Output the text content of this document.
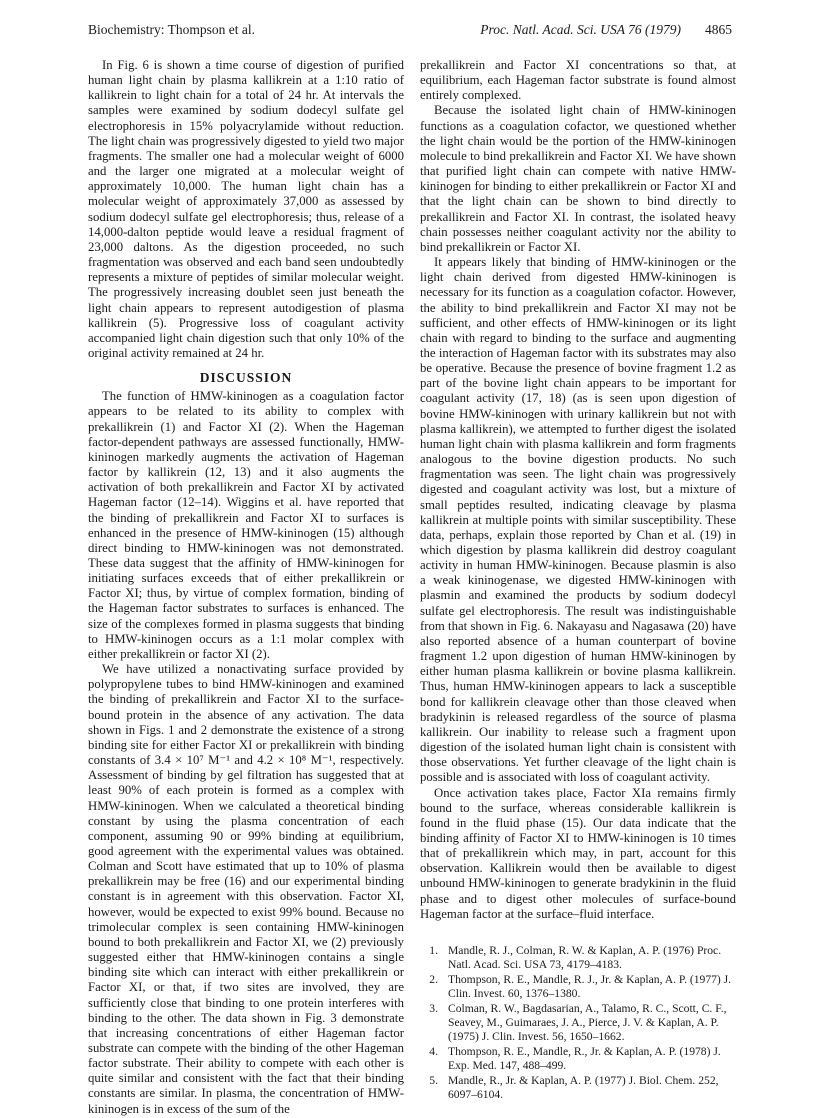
Biochemistry: Thompson et al.	Proc. Natl. Acad. Sci. USA 76 (1979) 4865

In Fig. 6 is shown a time course of digestion of purified human light chain by plasma kallikrein at a 1:10 ratio of kallikrein to light chain for a total of 24 hr. At intervals the samples were examined by sodium dodecyl sulfate gel electrophoresis in 15% polyacrylamide without reduction. The light chain was progressively digested to yield two major fragments. The smaller one had a molecular weight of 6000 and the larger one migrated at a molecular weight of approximately 10,000. The human light chain has a molecular weight of approximately 37,000 as assessed by sodium dodecyl sulfate gel electrophoresis; thus, release of a 14,000-dalton peptide would leave a residual fragment of 23,000 daltons. As the digestion proceeded, no such fragmentation was observed and each band seen undoubtedly represents a mixture of peptides of similar molecular weight. The progressively increasing doublet seen just beneath the light chain appears to represent autodigestion of plasma kallikrein (5). Progressive loss of coagulant activity accompanied light chain digestion such that only 10% of the original activity remained at 24 hr.

DISCUSSION

The function of HMW-kininogen as a coagulation factor appears to be related to its ability to complex with prekallikrein (1) and Factor XI (2). When the Hageman factor-dependent pathways are assessed functionally, HMW-kininogen markedly augments the activation of Hageman factor by kallikrein (12, 13) and it also augments the activation of both prekallikrein and Factor XI by activated Hageman factor (12–14). Wiggins et al. have reported that the binding of prekallikrein and Factor XI to surfaces is enhanced in the presence of HMW-kininogen (15) although direct binding to HMW-kininogen was not demonstrated. These data suggest that the affinity of HMW-kininogen for initiating surfaces exceeds that of either prekallikrein or Factor XI; thus, by virtue of complex formation, binding of the Hageman factor substrates to surfaces is enhanced. The size of the complexes formed in plasma suggests that binding to HMW-kininogen occurs as a 1:1 molar complex with either prekallikrein or factor XI (2).

We have utilized a nonactivating surface provided by polypropylene tubes to bind HMW-kininogen and examined the binding of prekallikrein and Factor XI to the surface-bound protein in the absence of any activation. The data shown in Figs. 1 and 2 demonstrate the existence of a strong binding site for either Factor XI or prekallikrein with binding constants of 3.4 × 10⁷ M⁻¹ and 4.2 × 10⁸ M⁻¹, respectively. Assessment of binding by gel filtration has suggested that at least 90% of each protein is formed as a complex with HMW-kininogen. When we calculated a theoretical binding constant by using the plasma concentration of each component, assuming 90 or 99% binding at equilibrium, good agreement with the experimental values was obtained. Colman and Scott have estimated that up to 10% of plasma prekallikrein may be free (16) and our experimental binding constant is in agreement with this observation. Factor XI, however, would be expected to exist 99% bound. Because no trimolecular complex is seen containing HMW-kininogen bound to both prekallikrein and Factor XI, we (2) previously suggested either that HMW-kininogen contains a single binding site which can interact with either prekallikrein or Factor XI, or that, if two sites are involved, they are sufficiently close that binding to one protein interferes with binding to the other. The data shown in Fig. 3 demonstrate that increasing concentrations of either Hageman factor substrate can compete with the binding of the other Hageman factor substrate. Their ability to compete with each other is quite similar and consistent with the fact that their binding constants are similar. In plasma, the concentration of HMW-kininogen is in excess of the sum of the

prekallikrein and Factor XI concentrations so that, at equilibrium, each Hageman factor substrate is found almost entirely complexed.

Because the isolated light chain of HMW-kininogen functions as a coagulation cofactor, we questioned whether the light chain would be the portion of the HMW-kininogen molecule to bind prekallikrein and Factor XI. We have shown that purified light chain can compete with native HMW-kininogen for binding to either prekallikrein or Factor XI and that the light chain can be shown to bind directly to prekallikrein and Factor XI. In contrast, the isolated heavy chain possesses neither coagulant activity nor the ability to bind prekallikrein or Factor XI.

It appears likely that binding of HMW-kininogen or the light chain derived from digested HMW-kininogen is necessary for its function as a coagulation cofactor. However, the ability to bind prekallikrein and Factor XI may not be sufficient, and other effects of HMW-kininogen or its light chain with regard to binding to the surface and augmenting the interaction of Hageman factor with its substrates may also be operative. Because the presence of bovine fragment 1.2 as part of the bovine light chain appears to be important for coagulant activity (17, 18) (as is seen upon digestion of bovine HMW-kininogen with urinary kallikrein but not with plasma kallikrein), we attempted to further digest the isolated human light chain with plasma kallikrein and form fragments analogous to the bovine digestion products. No such fragmentation was seen. The light chain was progressively digested and coagulant activity was lost, but a mixture of small peptides resulted, indicating cleavage by plasma kallikrein at multiple points with similar susceptibility. These data, perhaps, explain those reported by Chan et al. (19) in which digestion by plasma kallikrein did destroy coagulant activity in human HMW-kininogen. Because plasmin is also a weak kininogenase, we digested HMW-kininogen with plasmin and examined the products by sodium dodecyl sulfate gel electrophoresis. The result was indistinguishable from that shown in Fig. 6. Nakayasu and Nagasawa (20) have also reported absence of a human counterpart of bovine fragment 1.2 upon digestion of human HMW-kininogen by either human plasma kallikrein or bovine plasma kallikrein. Thus, human HMW-kininogen appears to lack a susceptible bond for kallikrein cleavage other than those cleaved when bradykinin is released regardless of the source of plasma kallikrein. Our inability to release such a fragment upon digestion of the isolated human light chain is consistent with those observations. Yet further cleavage of the light chain is possible and is associated with loss of coagulant activity.

Once activation takes place, Factor XIa remains firmly bound to the surface, whereas considerable kallikrein is found in the fluid phase (15). Our data indicate that the binding affinity of Factor XI to HMW-kininogen is 10 times that of prekallikrein which may, in part, account for this observation. Kallikrein would then be available to digest unbound HMW-kininogen to generate bradykinin in the fluid phase and to digest other molecules of surface-bound Hageman factor at the surface–fluid interface.

1. Mandle, R. J., Colman, R. W. & Kaplan, A. P. (1976) Proc. Natl. Acad. Sci. USA 73, 4179–4183.
2. Thompson, R. E., Mandle, R. J., Jr. & Kaplan, A. P. (1977) J. Clin. Invest. 60, 1376–1380.
3. Colman, R. W., Bagdasarian, A., Talamo, R. C., Scott, C. F., Seavey, M., Guimaraes, J. A., Pierce, J. V. & Kaplan, A. P. (1975) J. Clin. Invest. 56, 1650–1662.
4. Thompson, R. E., Mandle, R., Jr. & Kaplan, A. P. (1978) J. Exp. Med. 147, 488–499.
5. Mandle, R., Jr. & Kaplan, A. P. (1977) J. Biol. Chem. 252, 6097–6104.
